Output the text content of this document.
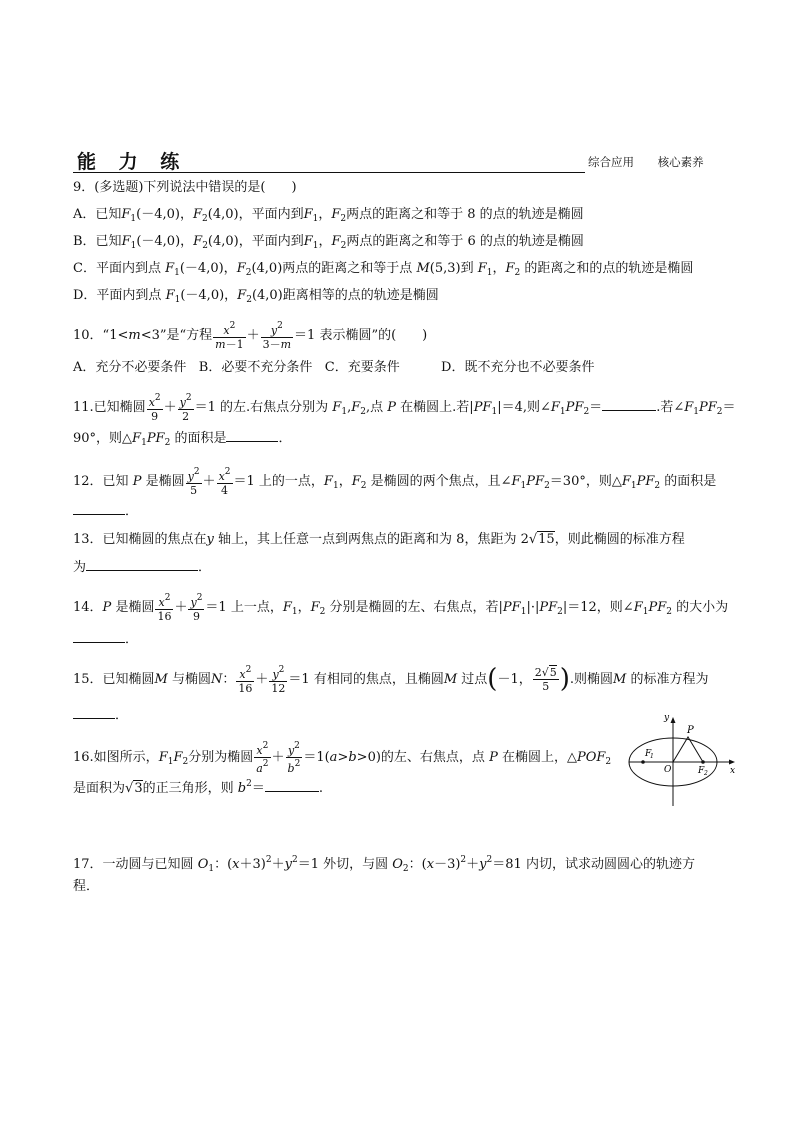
能 力 练	综合应用 核心素养
9．(多选题)下列说法中错误的是( )
A．已知$F_1(-4,0)$，$F_2(4,0)$，平面内到$F_1$，$F_2$两点的距离之和等于 8 的点的轨迹是椭圆
B．已知$F_1(-4,0)$，$F_2(4,0)$，平面内到$F_1$，$F_2$两点的距离之和等于 6 的点的轨迹是椭圆
C．平面内到点 $F_1(-4,0)$，$F_2(4,0)$两点的距离之和等于点 M(5,3)到 $F_1$，$F_2$ 的距离之和的点的轨迹是椭圆
D．平面内到点 $F_1(-4,0)$，$F_2(4,0)$距离相等的点的轨迹是椭圆
10．“1<m<3”是“方程 $\frac{x^2}{m-1} + \frac{y^2}{3-m} =1$ 表示椭圆”的( )
A．充分不必要条件 B．必要不充分条件 C．充要条件	D．既不充分也不必要条件
11.已知椭圆 $\frac{x^2}{9} + \frac{y^2}{2} =1$ 的左.右焦点分别为 $F_1,F_2$,点 P 在椭圆上.若$|PF_1|=4$,则$\angle F_1PF_2=$	.若$\angle F_1PF_2=$
90°，则$\triangle F_1PF_2$ 的面积是	．
12．已知 P 是椭圆 $\frac{y^2}{5} + \frac{x^2}{4} =1$ 上的一点，$F_1$，$F_2$ 是椭圆的两个焦点，且$\angle F_1PF_2=30^\circ$，则$\triangle F_1PF_2$ 的面积是
．
13．已知椭圆的焦点在y 轴上，其上任意一点到两焦点的距离和为 8，焦距为 2√15，则此椭圆的标准方程
为	．
14．P 是椭圆 $\frac{x^2}{16} + \frac{y^2}{9} =1$ 上一点，$F_1$，$F_2$ 分别是椭圆的左、右焦点，若$|PF_1|\cdot|PF_2|=12$，则$\angle F_1PF_2$ 的大小为
．
15．已知椭圆M 与椭圆N： $\frac{x^2}{16} + \frac{y^2}{12} =1$ 有相同的焦点，且椭圆M 过点(－1， $\frac{2√5}{5}$ ).则椭圆M 的标准方程为
．
16.如图所示，$F_1F_2$分别为椭圆 $\frac{x^2}{a^2} + \frac{y^2}{b^2} =1(a>b>0)$的左、右焦点，点 P 在椭圆上，$\triangle POF_2$
是面积为√3的正三角形，则 $b^2=$	.
y
x
P
O
F
1
F 2
17．一动圆与已知圆 $O_1$：$(x+3)^2+y^2=1$ 外切，与圆 $O_2$：$(x-3)^2+y^2=81$ 内切，试求动圆圆心的轨迹方
程．
